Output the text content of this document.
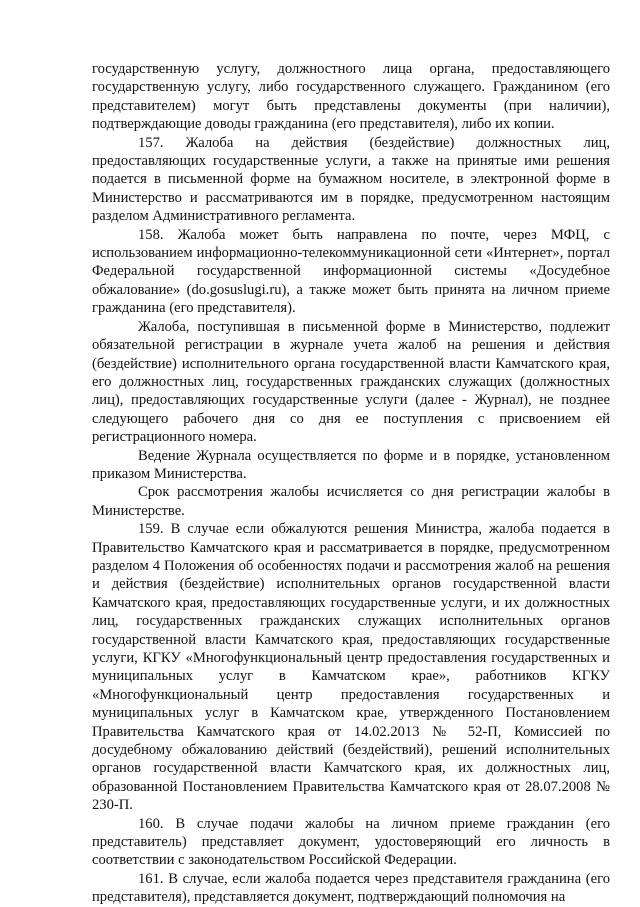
государственную услугу, должностного лица органа, предоставляющего государственную услугу, либо государственного служащего. Гражданином (его представителем) могут быть представлены документы (при наличии), подтверждающие доводы гражданина (его представителя), либо их копии.

157. Жалоба на действия (бездействие) должностных лиц, предоставляющих государственные услуги, а также на принятые ими решения подается в письменной форме на бумажном носителе, в электронной форме в Министерство и рассматриваются им в порядке, предусмотренном настоящим разделом Административного регламента.

158. Жалоба может быть направлена по почте, через МФЦ, с использованием информационно-телекоммуникационной сети «Интернет», портал Федеральной государственной информационной системы «Досудебное обжалование» (do.gosuslugi.ru), а также может быть принята на личном приеме гражданина (его представителя).

Жалоба, поступившая в письменной форме в Министерство, подлежит обязательной регистрации в журнале учета жалоб на решения и действия (бездействие) исполнительного органа государственной власти Камчатского края, его должностных лиц, государственных гражданских служащих (должностных лиц), предоставляющих государственные услуги (далее - Журнал), не позднее следующего рабочего дня со дня ее поступления с присвоением ей регистрационного номера.

Ведение Журнала осуществляется по форме и в порядке, установленном приказом Министерства.

Срок рассмотрения жалобы исчисляется со дня регистрации жалобы в Министерстве.

159. В случае если обжалуются решения Министра, жалоба подается в Правительство Камчатского края и рассматривается в порядке, предусмотренном разделом 4 Положения об особенностях подачи и рассмотрения жалоб на решения и действия (бездействие) исполнительных органов государственной власти Камчатского края, предоставляющих государственные услуги, и их должностных лиц, государственных гражданских служащих исполнительных органов государственной власти Камчатского края, предоставляющих государственные услуги, КГКУ «Многофункциональный центр предоставления государственных и муниципальных услуг в Камчатском крае», работников КГКУ «Многофункциональный центр предоставления государственных и муниципальных услуг в Камчатском крае, утвержденного Постановлением Правительства Камчатского края от 14.02.2013 № 52-П, Комиссией по досудебному обжалованию действий (бездействий), решений исполнительных органов государственной власти Камчатского края, их должностных лиц, образованной Постановлением Правительства Камчатского края от 28.07.2008 № 230-П.

160. В случае подачи жалобы на личном приеме гражданин (его представитель) представляет документ, удостоверяющий его личность в соответствии с законодательством Российской Федерации.

161. В случае, если жалоба подается через представителя гражданина (его представителя), представляется документ, подтверждающий полномочия на
